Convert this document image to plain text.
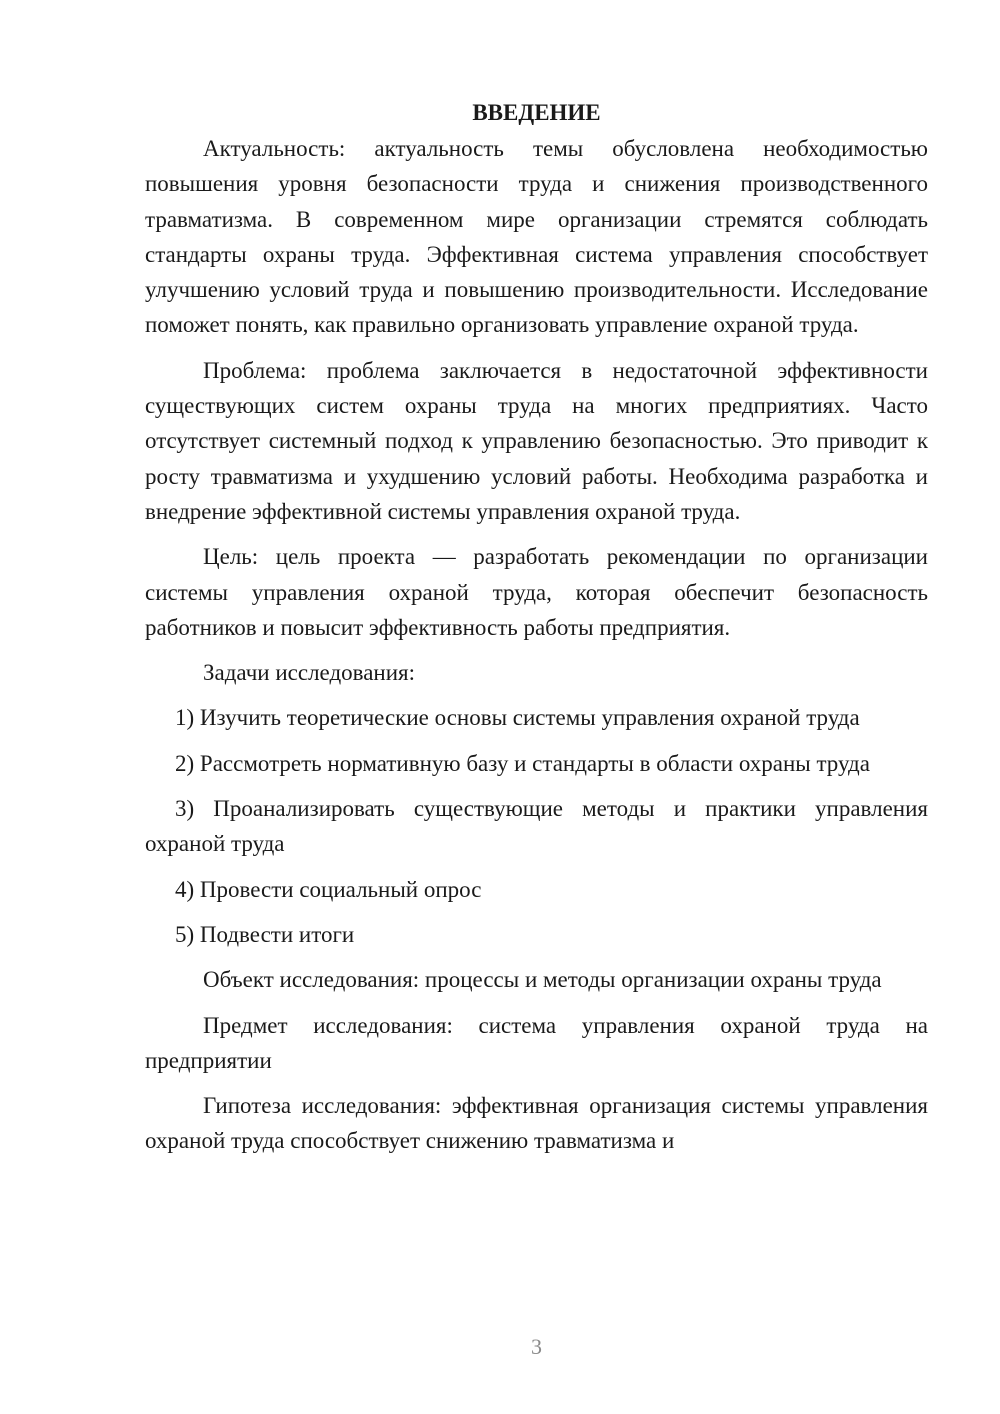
ВВЕДЕНИЕ

Актуальность: актуальность темы обусловлена необходимостью повышения уровня безопасности труда и снижения производственного травматизма. В современном мире организации стремятся соблюдать стандарты охраны труда. Эффективная система управления способствует улучшению условий труда и повышению производительности. Исследование поможет понять, как правильно организовать управление охраной труда.

Проблема: проблема заключается в недостаточной эффективности существующих систем охраны труда на многих предприятиях. Часто отсутствует системный подход к управлению безопасностью. Это приводит к росту травматизма и ухудшению условий работы. Необходима разработка и внедрение эффективной системы управления охраной труда.

Цель: цель проекта — разработать рекомендации по организации системы управления охраной труда, которая обеспечит безопасность работников и повысит эффективность работы предприятия.

Задачи исследования:

1) Изучить теоретические основы системы управления охраной труда

2) Рассмотреть нормативную базу и стандарты в области охраны труда

3) Проанализировать существующие методы и практики управления охраной труда

4) Провести социальный опрос

5) Подвести итоги

Объект исследования: процессы и методы организации охраны труда

Предмет исследования: система управления охраной труда на предприятии

Гипотеза исследования: эффективная организация системы управления охраной труда способствует снижению травматизма и

3
